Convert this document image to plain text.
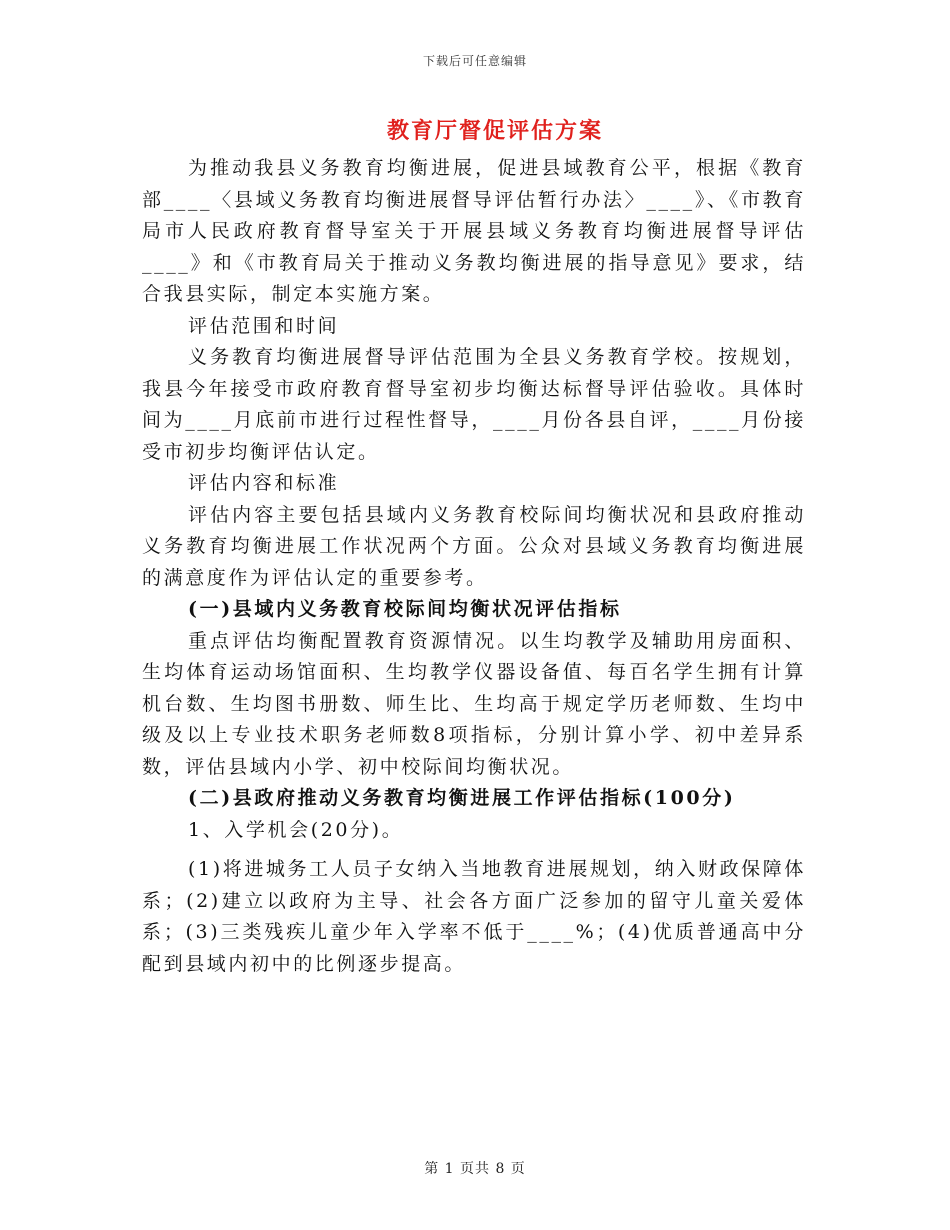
下载后可任意编辑
教育厅督促评估方案

为推动我县义务教育均衡进展，促进县域教育公平，根据《教育部____〈县域义务教育均衡进展督导评估暂行办法〉____》、《市教育局市人民政府教育督导室关于开展县域义务教育均衡进展督导评估____》和《市教育局关于推动义务教均衡进展的指导意见》要求，结合我县实际，制定本实施方案。

评估范围和时间

义务教育均衡进展督导评估范围为全县义务教育学校。按规划，我县今年接受市政府教育督导室初步均衡达标督导评估验收。具体时间为____月底前市进行过程性督导，____月份各县自评，____月份接受市初步均衡评估认定。

评估内容和标准

评估内容主要包括县域内义务教育校际间均衡状况和县政府推动义务教育均衡进展工作状况两个方面。公众对县域义务教育均衡进展的满意度作为评估认定的重要参考。

(一)县域内义务教育校际间均衡状况评估指标

重点评估均衡配置教育资源情况。以生均教学及辅助用房面积、生均体育运动场馆面积、生均教学仪器设备值、每百名学生拥有计算机台数、生均图书册数、师生比、生均高于规定学历老师数、生均中级及以上专业技术职务老师数8项指标，分别计算小学、初中差异系数，评估县域内小学、初中校际间均衡状况。

(二)县政府推动义务教育均衡进展工作评估指标(100分)

1、入学机会(20分)。

(1)将进城务工人员子女纳入当地教育进展规划，纳入财政保障体系；(2)建立以政府为主导、社会各方面广泛参加的留守儿童关爱体系；(3)三类残疾儿童少年入学率不低于____%；(4)优质普通高中分配到县域内初中的比例逐步提高。

第 1 页共 8 页
